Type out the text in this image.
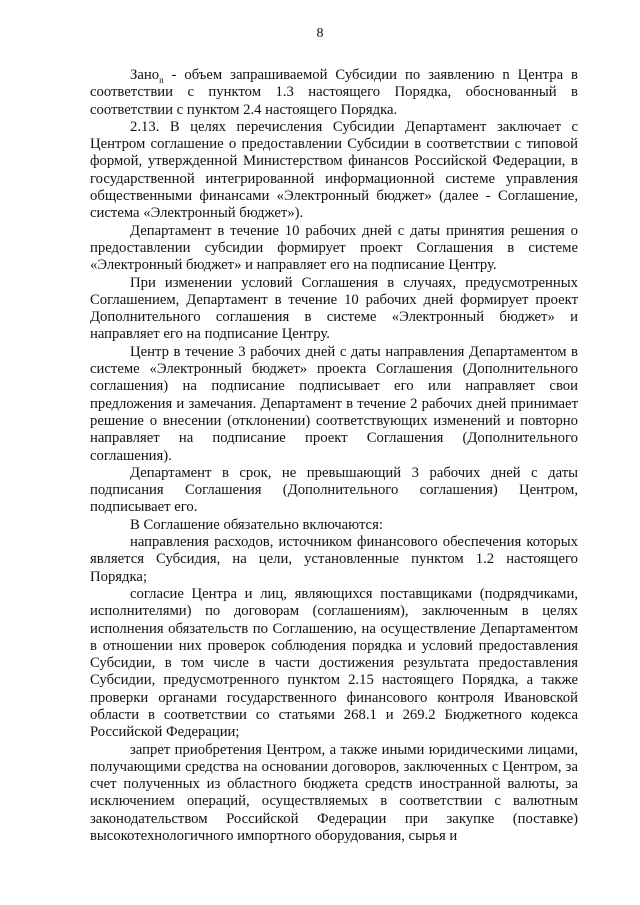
8

Зано$_n$ - объем запрашиваемой Субсидии по заявлению n Центра в соответствии с пунктом 1.3 настоящего Порядка, обоснованный в соответствии с пунктом 2.4 настоящего Порядка.

2.13. В целях перечисления Субсидии Департамент заключает с Центром соглашение о предоставлении Субсидии в соответствии с типовой формой, утвержденной Министерством финансов Российской Федерации, в государственной интегрированной информационной системе управления общественными финансами «Электронный бюджет» (далее - Соглашение, система «Электронный бюджет»).

Департамент в течение 10 рабочих дней с даты принятия решения о предоставлении субсидии формирует проект Соглашения в системе «Электронный бюджет» и направляет его на подписание Центру.

При изменении условий Соглашения в случаях, предусмотренных Соглашением, Департамент в течение 10 рабочих дней формирует проект Дополнительного соглашения в системе «Электронный бюджет» и направляет его на подписание Центру.

Центр в течение 3 рабочих дней с даты направления Департаментом в системе «Электронный бюджет» проекта Соглашения (Дополнительного соглашения) на подписание подписывает его или направляет свои предложения и замечания. Департамент в течение 2 рабочих дней принимает решение о внесении (отклонении) соответствующих изменений и повторно направляет на подписание проект Соглашения (Дополнительного соглашения).

Департамент в срок, не превышающий 3 рабочих дней с даты подписания Соглашения (Дополнительного соглашения) Центром, подписывает его.

В Соглашение обязательно включаются:

направления расходов, источником финансового обеспечения которых является Субсидия, на цели, установленные пунктом 1.2 настоящего Порядка;

согласие Центра и лиц, являющихся поставщиками (подрядчиками, исполнителями) по договорам (соглашениям), заключенным в целях исполнения обязательств по Соглашению, на осуществление Департаментом в отношении них проверок соблюдения порядка и условий предоставления Субсидии, в том числе в части достижения результата предоставления Субсидии, предусмотренного пунктом 2.15 настоящего Порядка, а также проверки органами государственного финансового контроля Ивановской области в соответствии со статьями 268.1 и 269.2 Бюджетного кодекса Российской Федерации;

запрет приобретения Центром, а также иными юридическими лицами, получающими средства на основании договоров, заключенных с Центром, за счет полученных из областного бюджета средств иностранной валюты, за исключением операций, осуществляемых в соответствии с валютным законодательством Российской Федерации при закупке (поставке) высокотехнологичного импортного оборудования, сырья и
